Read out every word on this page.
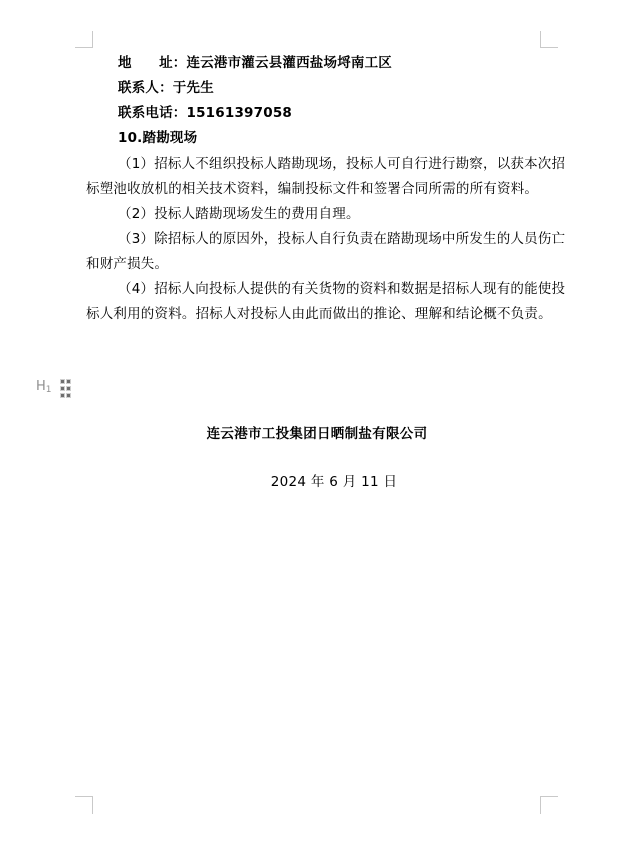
地　　址：连云港市灌云县灌西盐场埒南工区
联系人：于先生
联系电话：15161397058
10.踏勘现场
（1）招标人不组织投标人踏勘现场，投标人可自行进行勘察，以获本次招
标塑池收放机的相关技术资料，编制投标文件和签署合同所需的所有资料。
（2）投标人踏勘现场发生的费用自理。
（3）除招标人的原因外，投标人自行负责在踏勘现场中所发生的人员伤亡
和财产损失。
（4）招标人向投标人提供的有关货物的资料和数据是招标人现有的能使投
标人利用的资料。招标人对投标人由此而做出的推论、理解和结论概不负责。
H1
连云港市工投集团日晒制盐有限公司
2024 年 6 月 11 日
